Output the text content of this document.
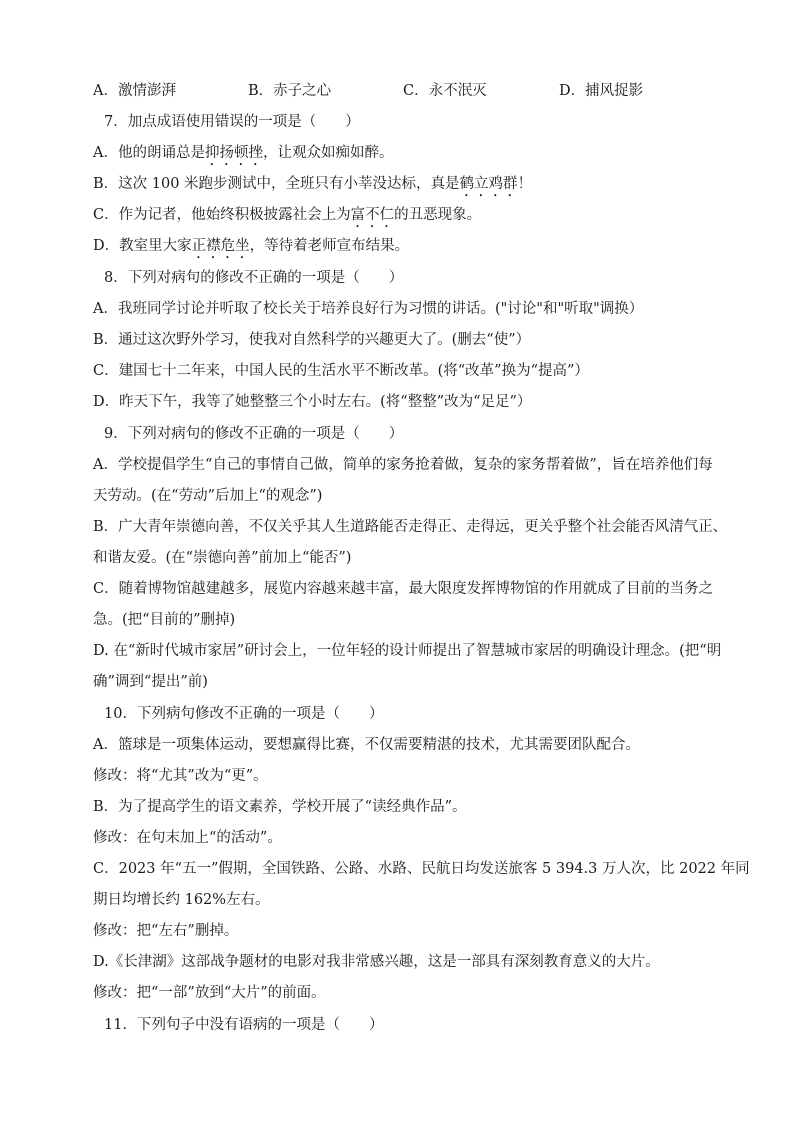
A．激情澎湃	B．赤子之心	C．永不泯灭	D．捕风捉影
7．加点成语使用错误的一项是（　　）
A．他的朗诵总是抑扬顿挫，让观众如痴如醉。
B．这次 100 米跑步测试中，全班只有小莘没达标，真是鹤立鸡群！
C．作为记者，他始终积极披露社会上为富不仁的丑恶现象。
D．教室里大家正襟危坐，等待着老师宣布结果。
8．下列对病句的修改不正确的一项是（　　）
A．我班同学讨论并听取了校长关于培养良好行为习惯的讲话。("讨论"和"听取"调换）
B．通过这次野外学习，使我对自然科学的兴趣更大了。(删去“使”）
C．建国七十二年来，中国人民的生活水平不断改革。(将“改革”换为“提高”）
D．昨天下午，我等了她整整三个小时左右。(将“整整”改为“足足”）
9．下列对病句的修改不正确的一项是（　　）
A．学校提倡学生“自己的事情自己做，简单的家务抢着做，复杂的家务帮着做”，旨在培养他们每
天劳动。(在“劳动”后加上“的观念”)
B．广大青年崇德向善，不仅关乎其人生道路能否走得正、走得远，更关乎整个社会能否风清气正、
和谐友爱。(在“崇德向善”前加上“能否”)
C．随着博物馆越建越多，展览内容越来越丰富，最大限度发挥博物馆的作用就成了目前的当务之
急。(把“目前的”删掉)
D. 在“新时代城市家居”研讨会上，一位年轻的设计师提出了智慧城市家居的明确设计理念。(把“明
确”调到“提出”前)
10．下列病句修改不正确的一项是（　　）
A．篮球是一项集体运动，要想赢得比赛，不仅需要精湛的技术，尤其需要团队配合。
修改：将“尤其”改为“更”。
B．为了提高学生的语文素养，学校开展了“读经典作品”。
修改：在句末加上“的活动”。
C．2023 年“五一”假期，全国铁路、公路、水路、民航日均发送旅客 5 394.3 万人次，比 2022 年同
期日均增长约 162%左右。
修改：把“左右”删掉。
D.《长津湖》这部战争题材的电影对我非常感兴趣，这是一部具有深刻教育意义的大片。
修改：把“一部”放到“大片”的前面。
11．下列句子中没有语病的一项是（　　）
